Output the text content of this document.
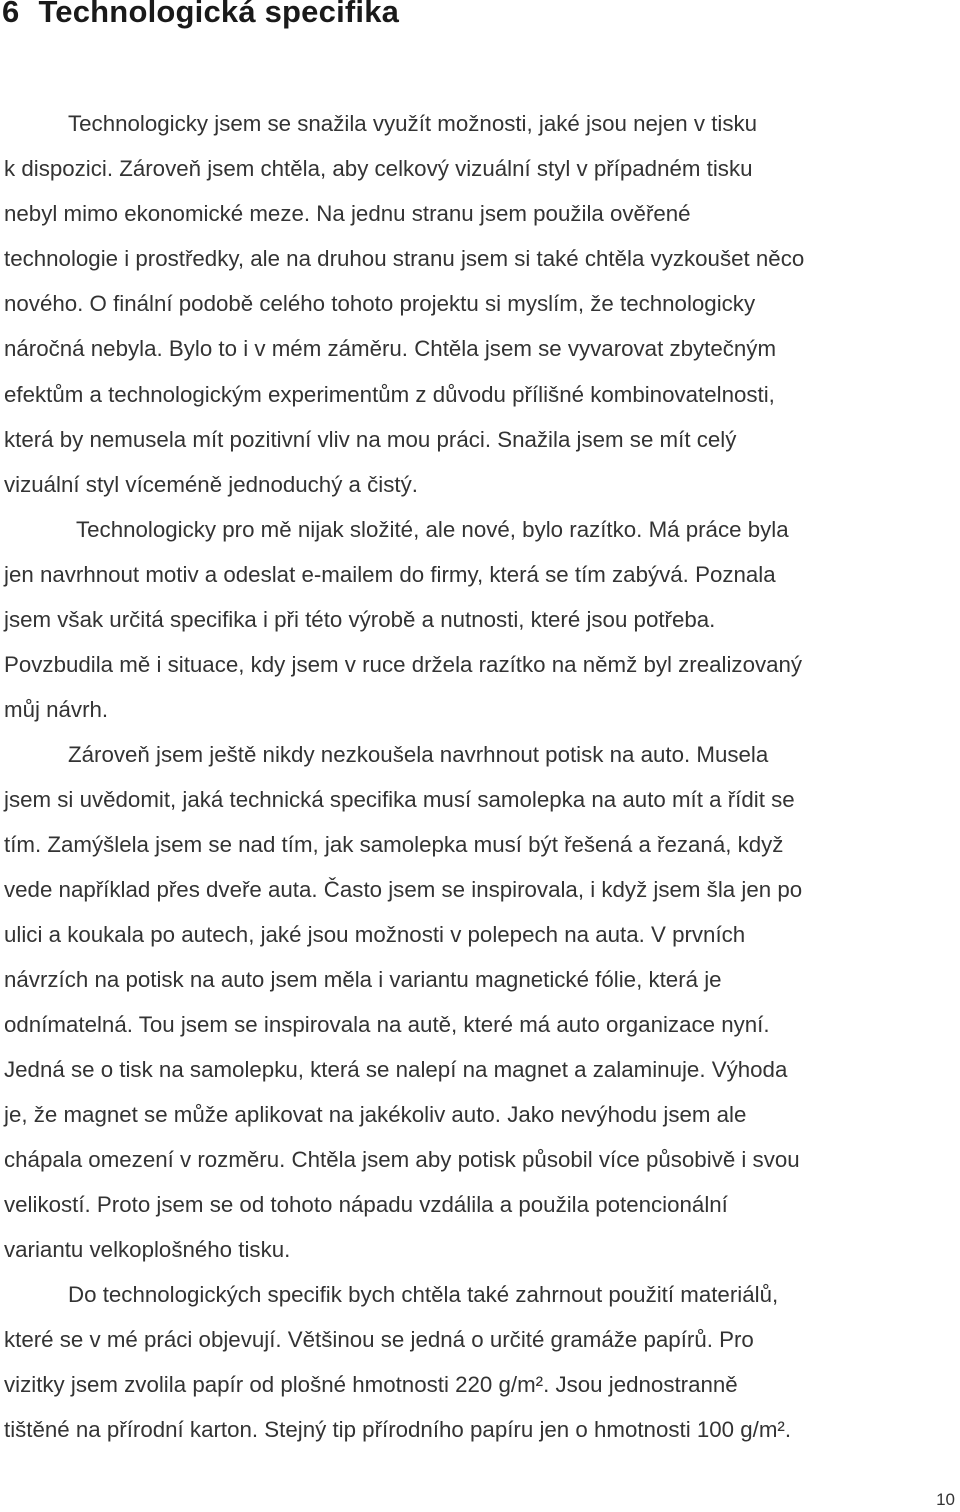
6 Technologická specifika

Technologicky jsem se snažila využít možnosti, jaké jsou nejen v tisku

k dispozici. Zároveň jsem chtěla, aby celkový vizuální styl v případném tisku

nebyl mimo ekonomické meze. Na jednu stranu jsem použila ověřené

technologie i prostředky, ale na druhou stranu jsem si také chtěla vyzkoušet něco

nového. O finální podobě celého tohoto projektu si myslím, že technologicky

náročná nebyla. Bylo to i v mém záměru. Chtěla jsem se vyvarovat zbytečným

efektům a technologickým experimentům z důvodu přílišné kombinovatelnosti,

která by nemusela mít pozitivní vliv na mou práci. Snažila jsem se mít celý

vizuální styl víceméně jednoduchý a čistý.

Technologicky pro mě nijak složité, ale nové, bylo razítko. Má práce byla

jen navrhnout motiv a odeslat e-mailem do firmy, která se tím zabývá. Poznala

jsem však určitá specifika i při této výrobě a nutnosti, které jsou potřeba.

Povzbudila mě i situace, kdy jsem v ruce držela razítko na němž byl zrealizovaný

můj návrh.

Zároveň jsem ještě nikdy nezkoušela navrhnout potisk na auto. Musela

jsem si uvědomit, jaká technická specifika musí samolepka na auto mít a řídit se

tím. Zamýšlela jsem se nad tím, jak samolepka musí být řešená a řezaná, když

vede například přes dveře auta. Často jsem se inspirovala, i když jsem šla jen po

ulici a koukala po autech, jaké jsou možnosti v polepech na auta. V prvních

návrzích na potisk na auto jsem měla i variantu magnetické fólie, která je

odnímatelná. Tou jsem se inspirovala na autě, které má auto organizace nyní.

Jedná se o tisk na samolepku, která se nalepí na magnet a zalaminuje. Výhoda

je, že magnet se může aplikovat na jakékoliv auto. Jako nevýhodu jsem ale

chápala omezení v rozměru. Chtěla jsem aby potisk působil více působivě i svou

velikostí. Proto jsem se od tohoto nápadu vzdálila a použila potencionální

variantu velkoplošného tisku.

Do technologických specifik bych chtěla také zahrnout použití materiálů,

které se v mé práci objevují. Většinou se jedná o určité gramáže papírů. Pro

vizitky jsem zvolila papír od plošné hmotnosti 220 g/m². Jsou jednostranně

tištěné na přírodní karton. Stejný tip přírodního papíru jen o hmotnosti 100 g/m².

10
